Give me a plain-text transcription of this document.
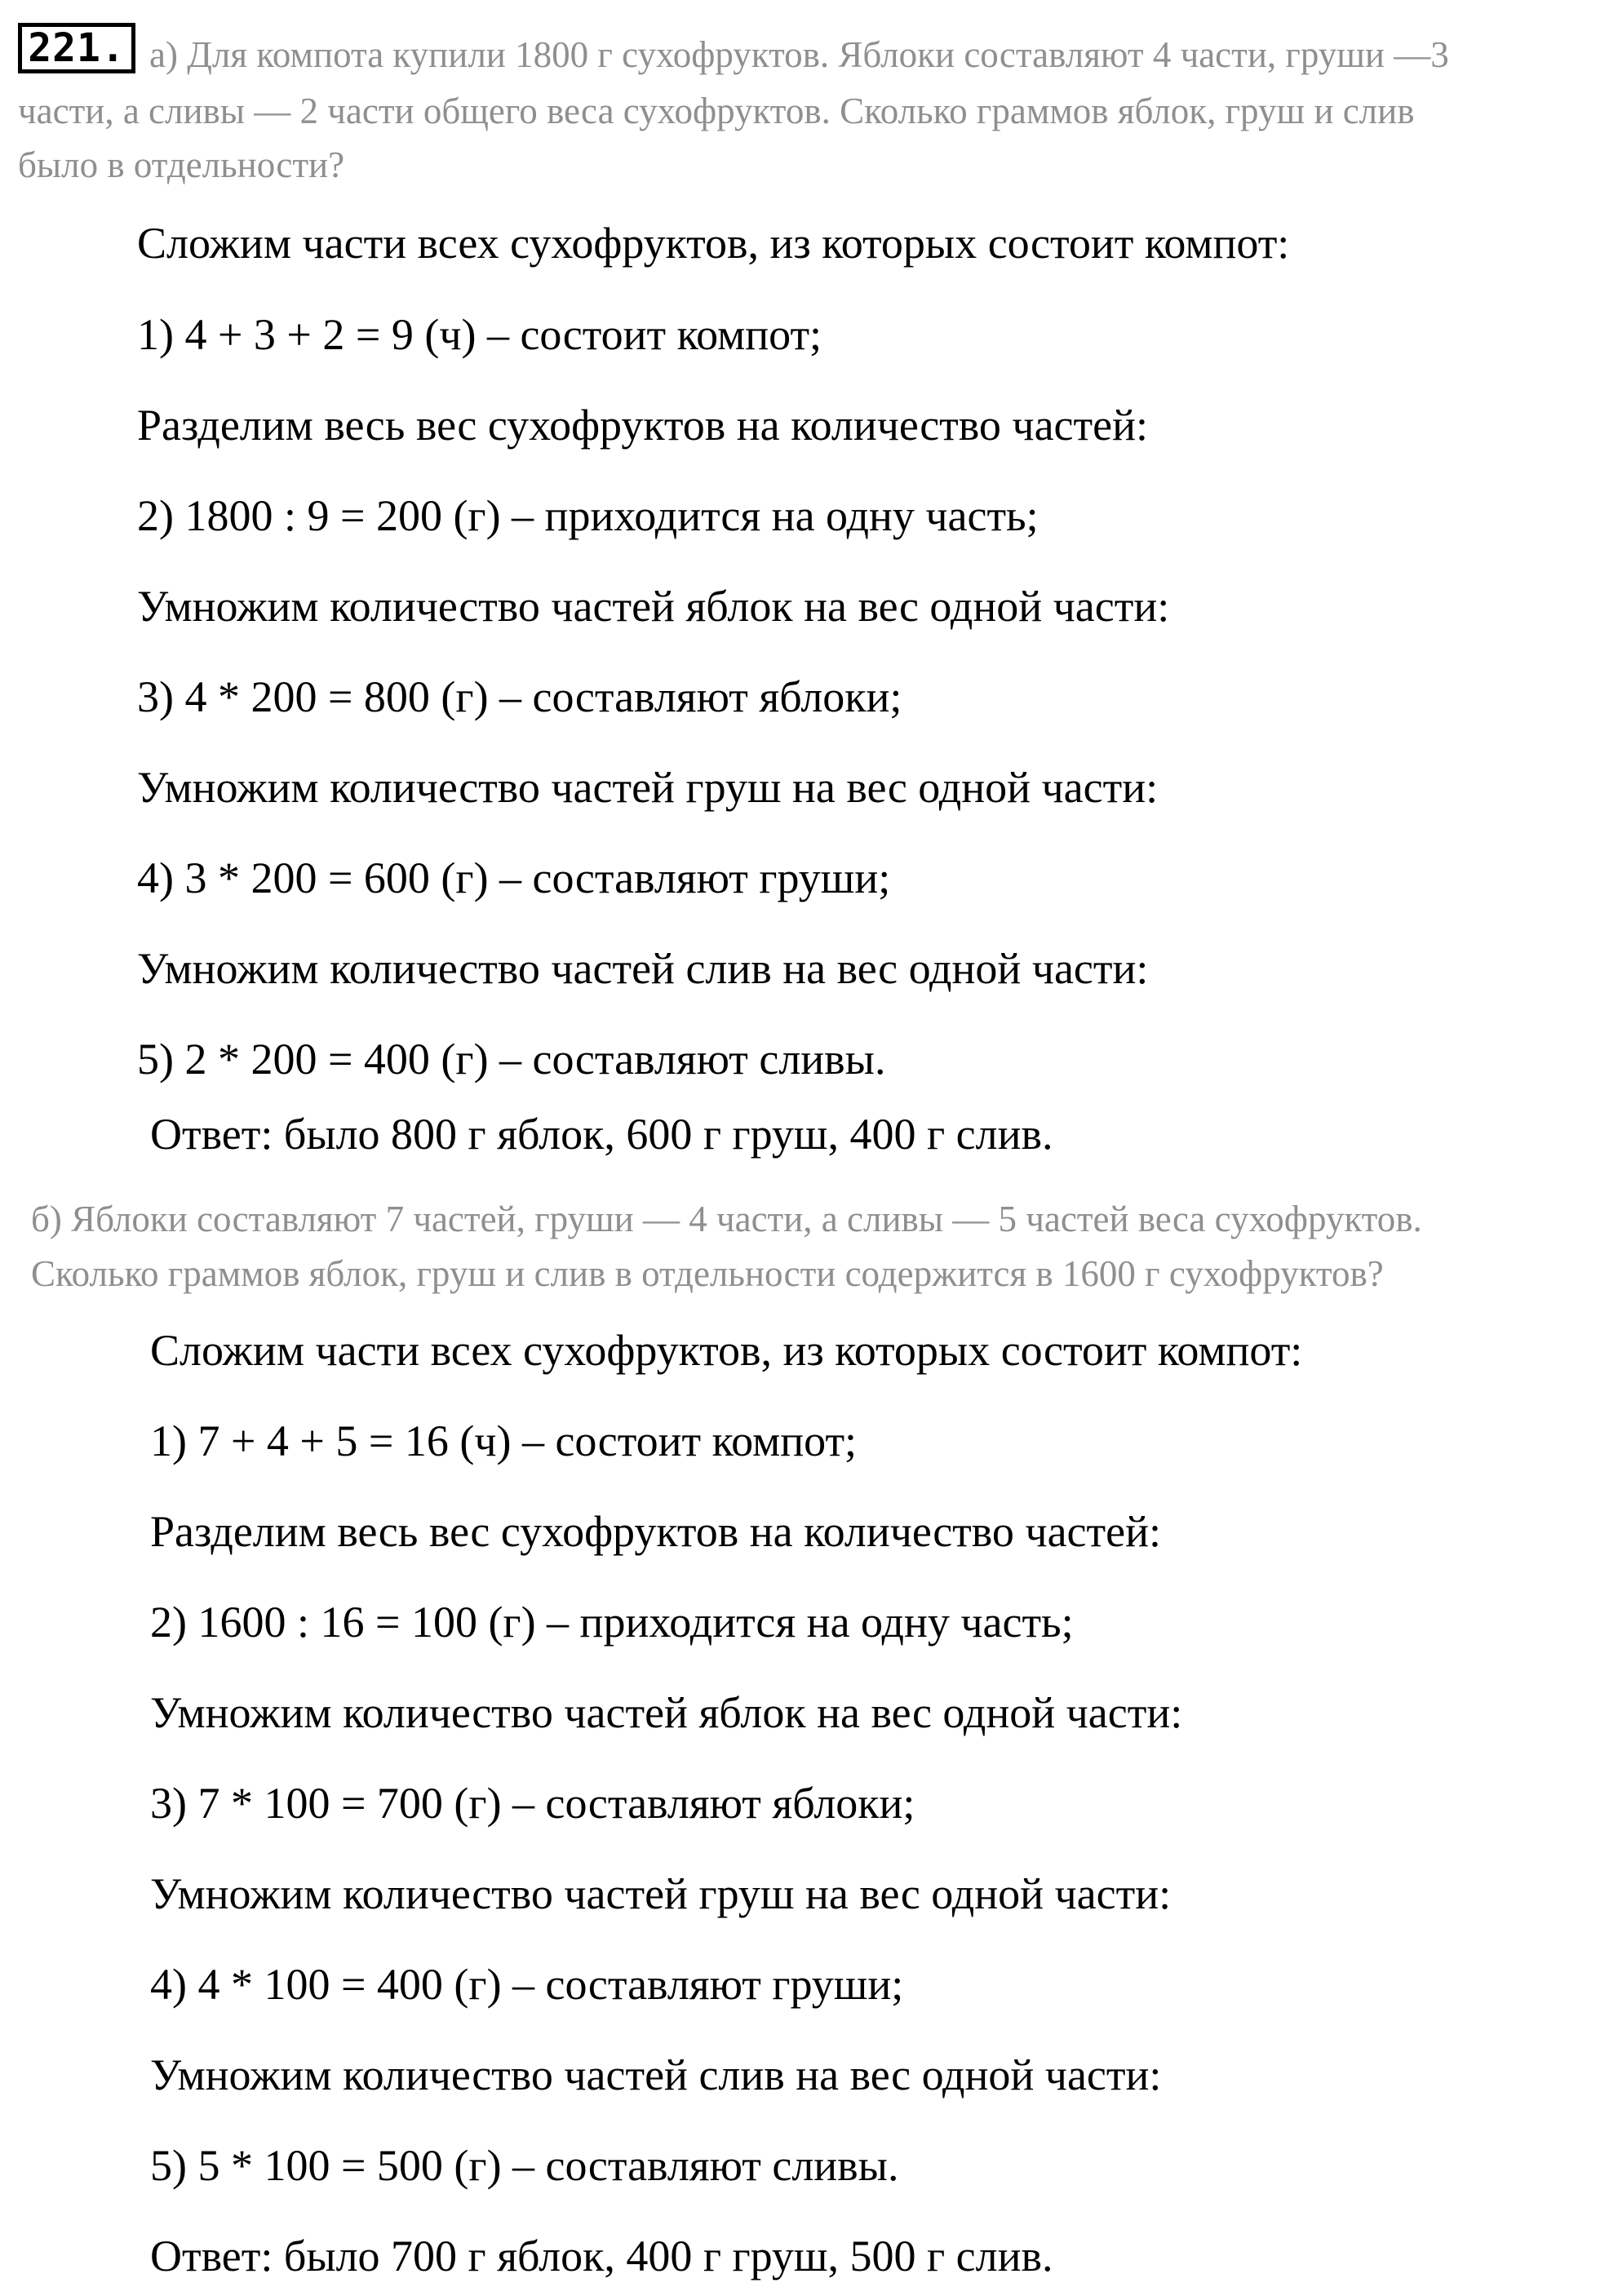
221. а) Для компота купили 1800 г сухофруктов. Яблоки составляют 4 части, груши —3
части, а сливы — 2 части общего веса сухофруктов. Сколько граммов яблок, груш и слив
было в отдельности?
Сложим части всех сухофруктов, из которых состоит компот:
1) 4 + 3 + 2 = 9 (ч) – состоит компот;
Разделим весь вес сухофруктов на количество частей:
2) 1800 : 9 = 200 (г) – приходится на одну часть;
Умножим количество частей яблок на вес одной части:
3) 4 * 200 = 800 (г) – составляют яблоки;
Умножим количество частей груш на вес одной части:
4) 3 * 200 = 600 (г) – составляют груши;
Умножим количество частей слив на вес одной части:
5) 2 * 200 = 400 (г) – составляют сливы.
Ответ: было 800 г яблок, 600 г груш, 400 г слив.
б) Яблоки составляют 7 частей, груши — 4 части, а сливы — 5 частей веса сухофруктов.
Сколько граммов яблок, груш и слив в отдельности содержится в 1600 г сухофруктов?
Сложим части всех сухофруктов, из которых состоит компот:
1) 7 + 4 + 5 = 16 (ч) – состоит компот;
Разделим весь вес сухофруктов на количество частей:
2) 1600 : 16 = 100 (г) – приходится на одну часть;
Умножим количество частей яблок на вес одной части:
3) 7 * 100 = 700 (г) – составляют яблоки;
Умножим количество частей груш на вес одной части:
4) 4 * 100 = 400 (г) – составляют груши;
Умножим количество частей слив на вес одной части:
5) 5 * 100 = 500 (г) – составляют сливы.
Ответ: было 700 г яблок, 400 г груш, 500 г слив.
